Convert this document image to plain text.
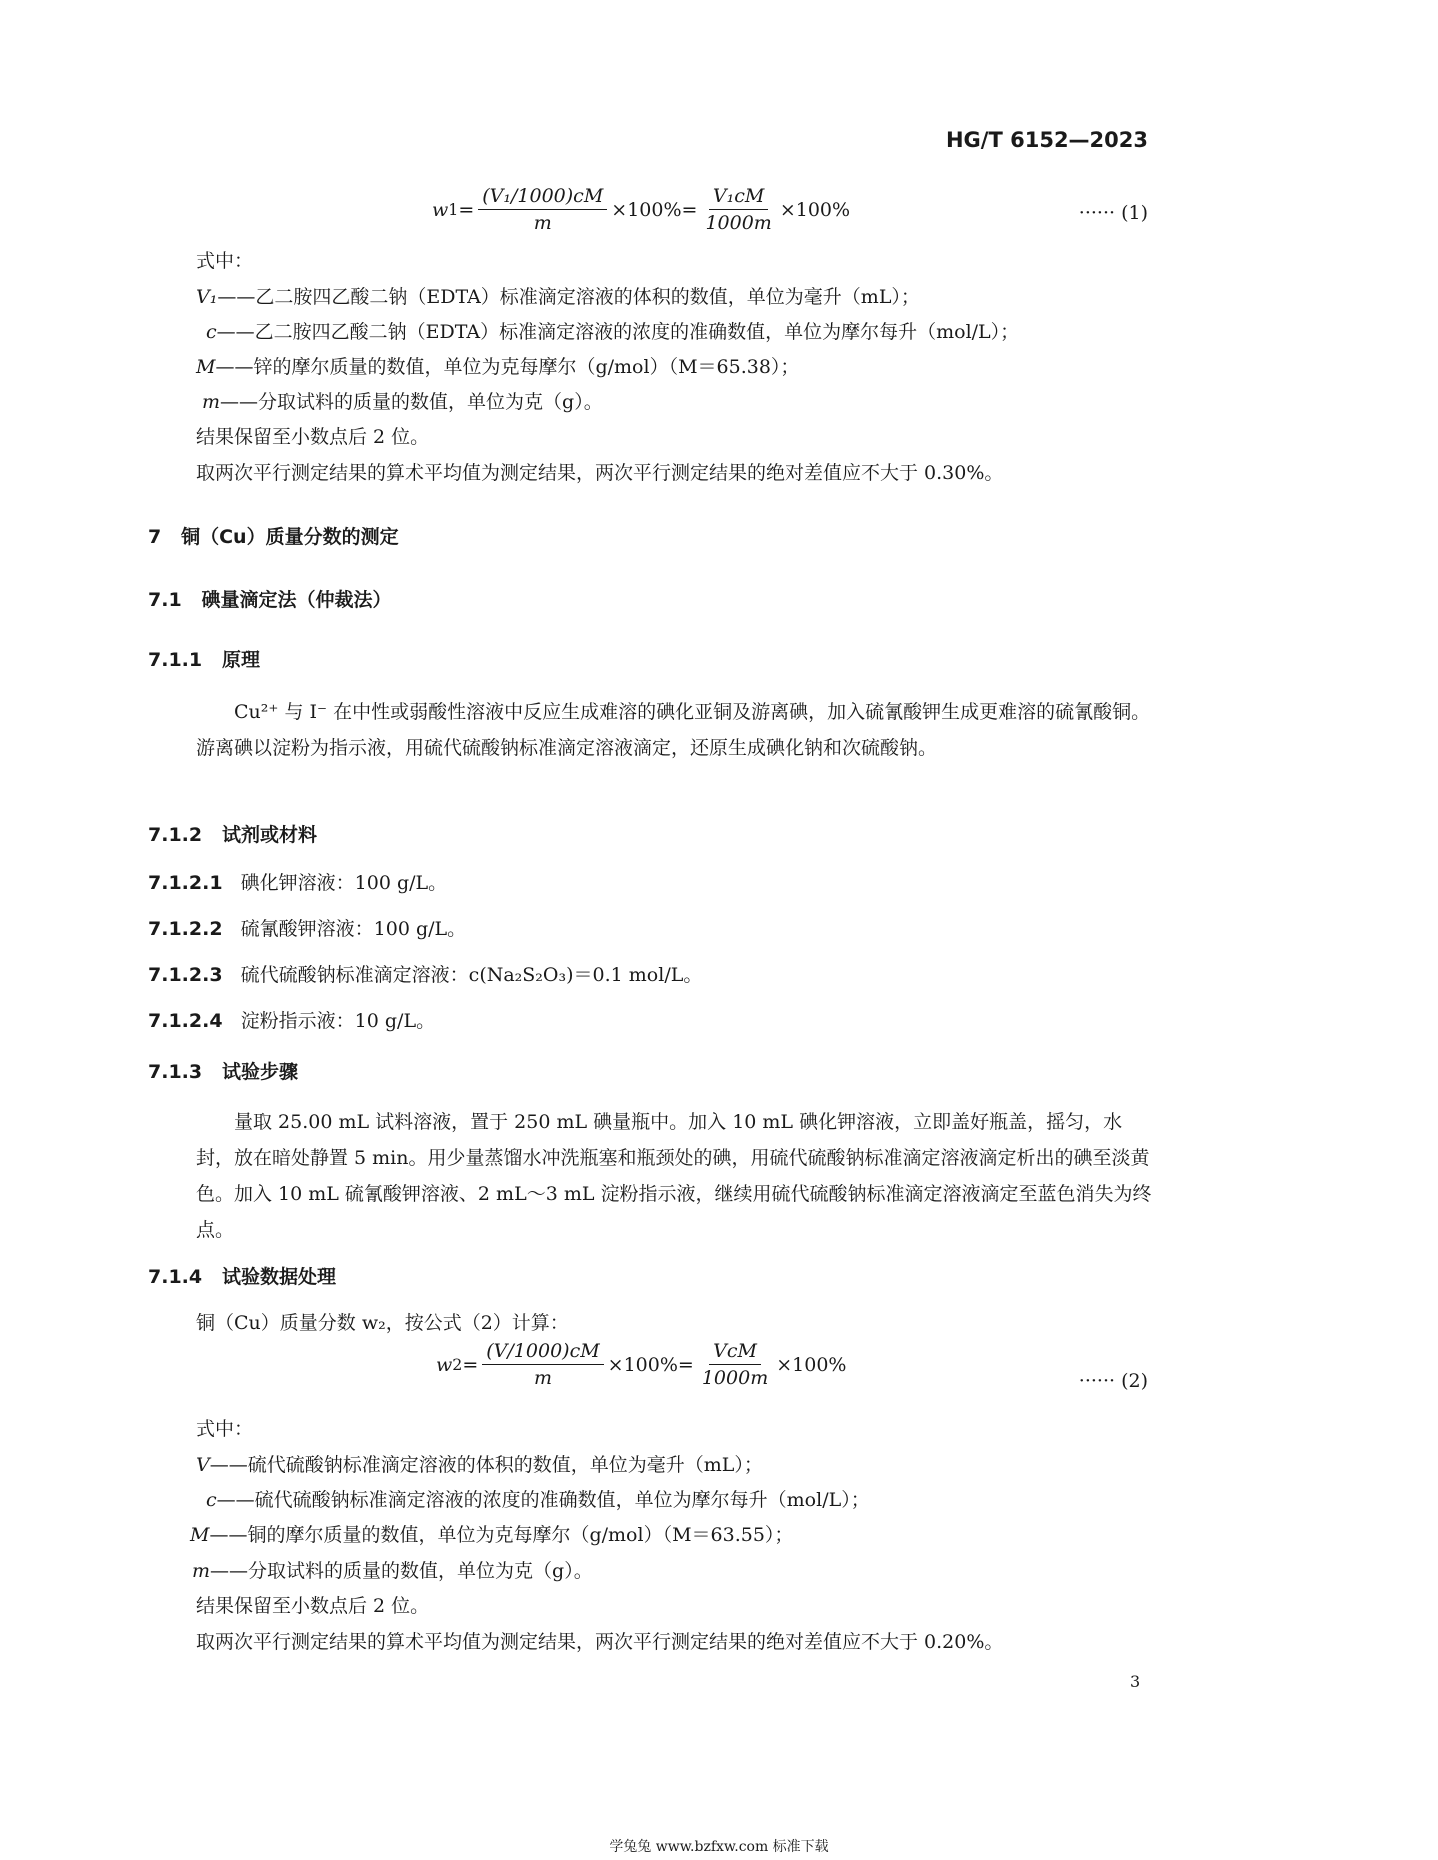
HG/T 6152—2023
w $1 = \frac{\text{(V₁/1000)cM}}{m} \times 100\% = \frac{\text{V₁cM}}{1000m} \times 100\%$	······ (1)
式中：
V₁——乙二胺四乙酸二钠（EDTA）标准滴定溶液的体积的数值，单位为毫升（mL）；
c——乙二胺四乙酸二钠（EDTA）标准滴定溶液的浓度的准确数值，单位为摩尔每升（mol/L）；
M——锌的摩尔质量的数值，单位为克每摩尔（g/mol）（M＝65.38）；
m——分取试料的质量的数值，单位为克（g）。
结果保留至小数点后 2 位。
取两次平行测定结果的算术平均值为测定结果，两次平行测定结果的绝对差值应不大于 0.30%。
7 铜（Cu）质量分数的测定
7.1 碘量滴定法（仲裁法）
7.1.1 原理
Cu²⁺ 与 I⁻ 在中性或弱酸性溶液中反应生成难溶的碘化亚铜及游离碘，加入硫氰酸钾生成更难溶的硫氰酸铜。游离碘以淀粉为指示液，用硫代硫酸钠标准滴定溶液滴定，还原生成碘化钠和次硫酸钠。
7.1.2 试剂或材料
7.1.2.1 碘化钾溶液：100 g/L。
7.1.2.2 硫氰酸钾溶液：100 g/L。
7.1.2.3 硫代硫酸钠标准滴定溶液：c(Na₂S₂O₃)＝0.1 mol/L。
7.1.2.4 淀粉指示液：10 g/L。
7.1.3 试验步骤
量取 25.00 mL 试料溶液，置于 250 mL 碘量瓶中。加入 10 mL 碘化钾溶液，立即盖好瓶盖，摇匀，水封，放在暗处静置 5 min。用少量蒸馏水冲洗瓶塞和瓶颈处的碘，用硫代硫酸钠标准滴定溶液滴定析出的碘至淡黄色。加入 10 mL 硫氰酸钾溶液、2 mL～3 mL 淀粉指示液，继续用硫代硫酸钠标准滴定溶液滴定至蓝色消失为终点。
7.1.4 试验数据处理
铜（Cu）质量分数 w₂，按公式（2）计算：
w $2 = \frac{(V/1000)cM}{m} \times 100\% = \frac{\text{VcM}}{1000m} \times 100\%$
······ (2)
式中：
V——硫代硫酸钠标准滴定溶液的体积的数值，单位为毫升（mL）；
c——硫代硫酸钠标准滴定溶液的浓度的准确数值，单位为摩尔每升（mol/L）；
M——铜的摩尔质量的数值，单位为克每摩尔（g/mol）（M＝63.55）；
m——分取试料的质量的数值，单位为克（g）。
结果保留至小数点后 2 位。
取两次平行测定结果的算术平均值为测定结果，两次平行测定结果的绝对差值应不大于 0.20%。
3
学兔兔 www.bzfxw.com 标准下载
